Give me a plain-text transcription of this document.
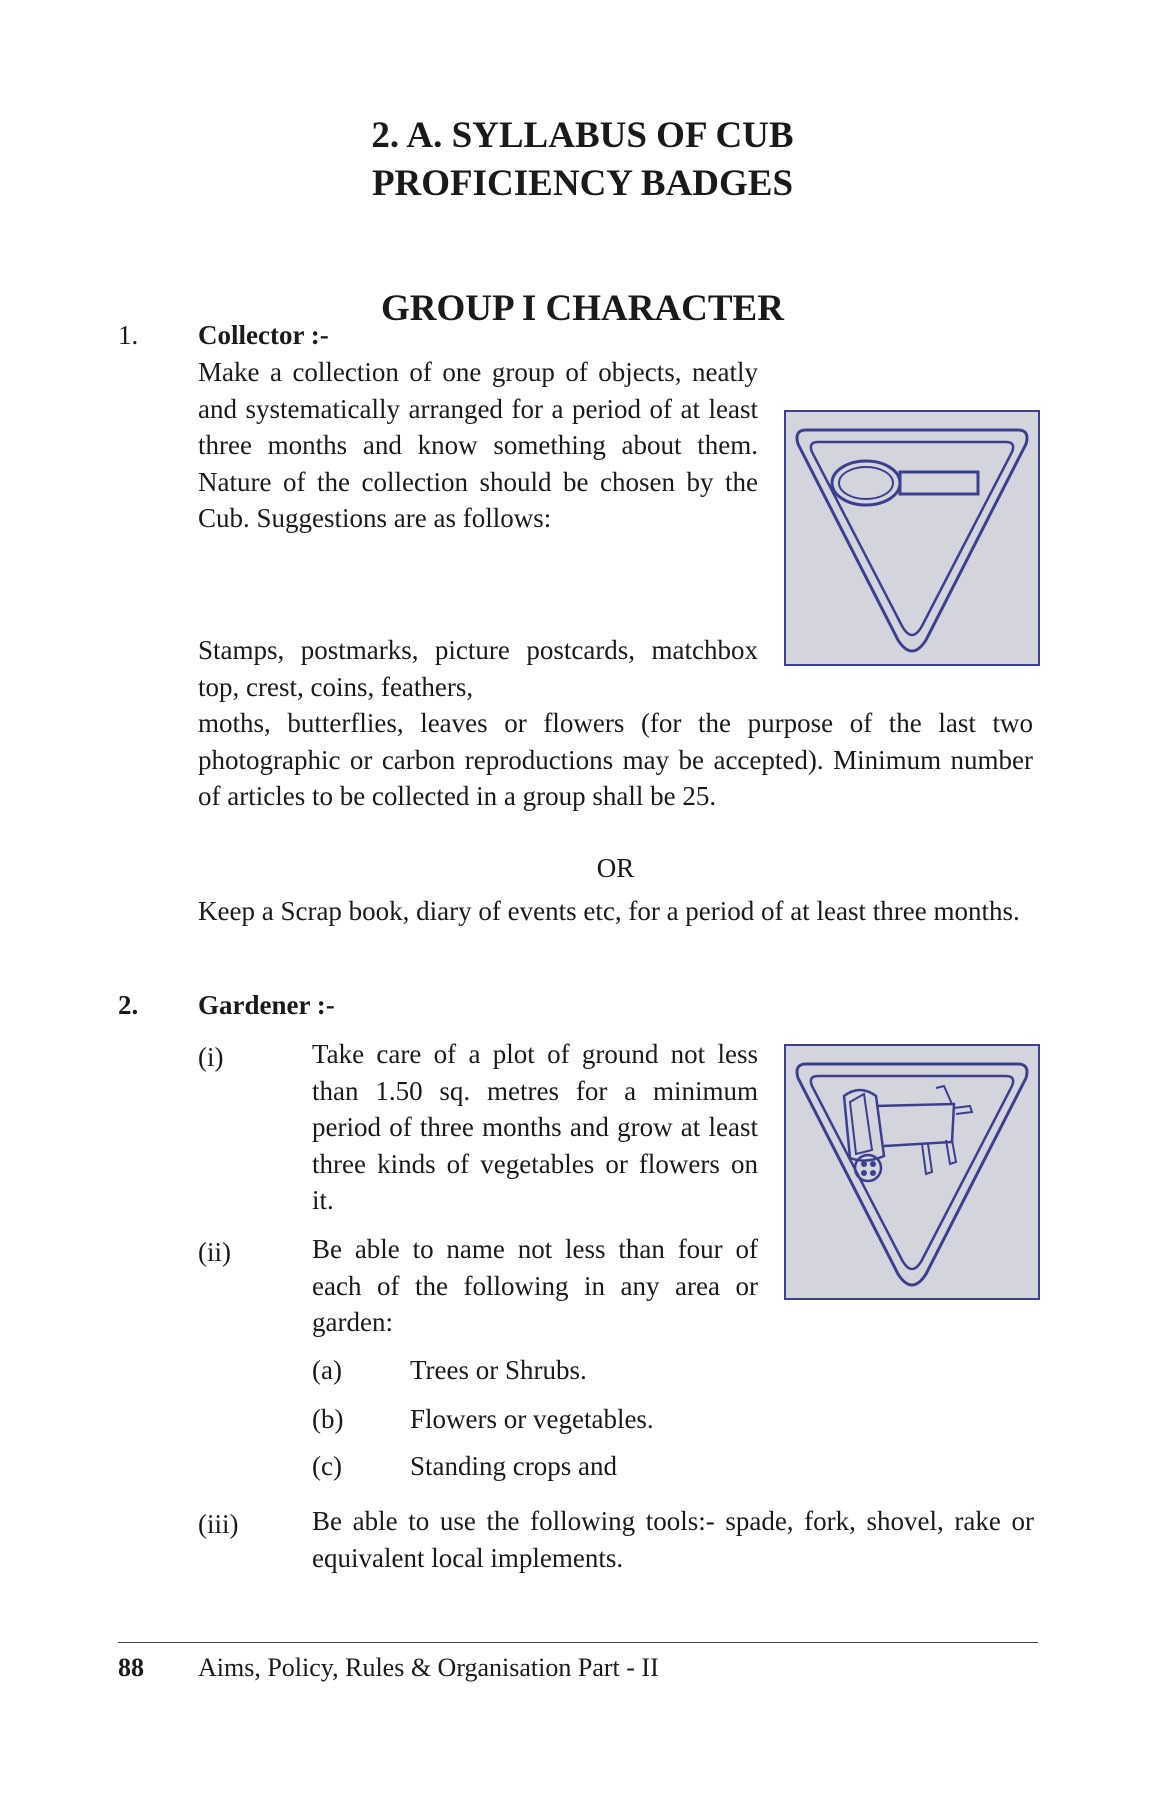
2. A. SYLLABUS OF CUB
PROFICIENCY BADGES
GROUP I CHARACTER
1. Collector :-
Make a collection of one group of objects, neatly and systematically arranged for a period of at least three months and know something about them. Nature of the collection should be chosen by the Cub. Suggestions are as follows:
Stamps, postmarks, picture postcards, matchbox top, crest, coins, feathers,
moths, butterflies, leaves or flowers (for the purpose of the last two photographic or carbon reproductions may be accepted). Minimum number of articles to be collected in a group shall be 25.
OR
Keep a Scrap book, diary of events etc, for a period of at least three months.
2. Gardener :-
(i)	Take care of a plot of ground not less than 1.50 sq. metres for a minimum period of three months and grow at least three kinds of vegetables or flowers on it.
(ii)	Be able to name not less than four of each of the following in any area or garden:
(a)	Trees or Shrubs.
(b) Flowers or vegetables.
(c)	Standing crops and
(iii)	Be able to use the following tools:- spade, fork, shovel, rake or equivalent local implements.
88 Aims, Policy, Rules & Organisation Part - II
